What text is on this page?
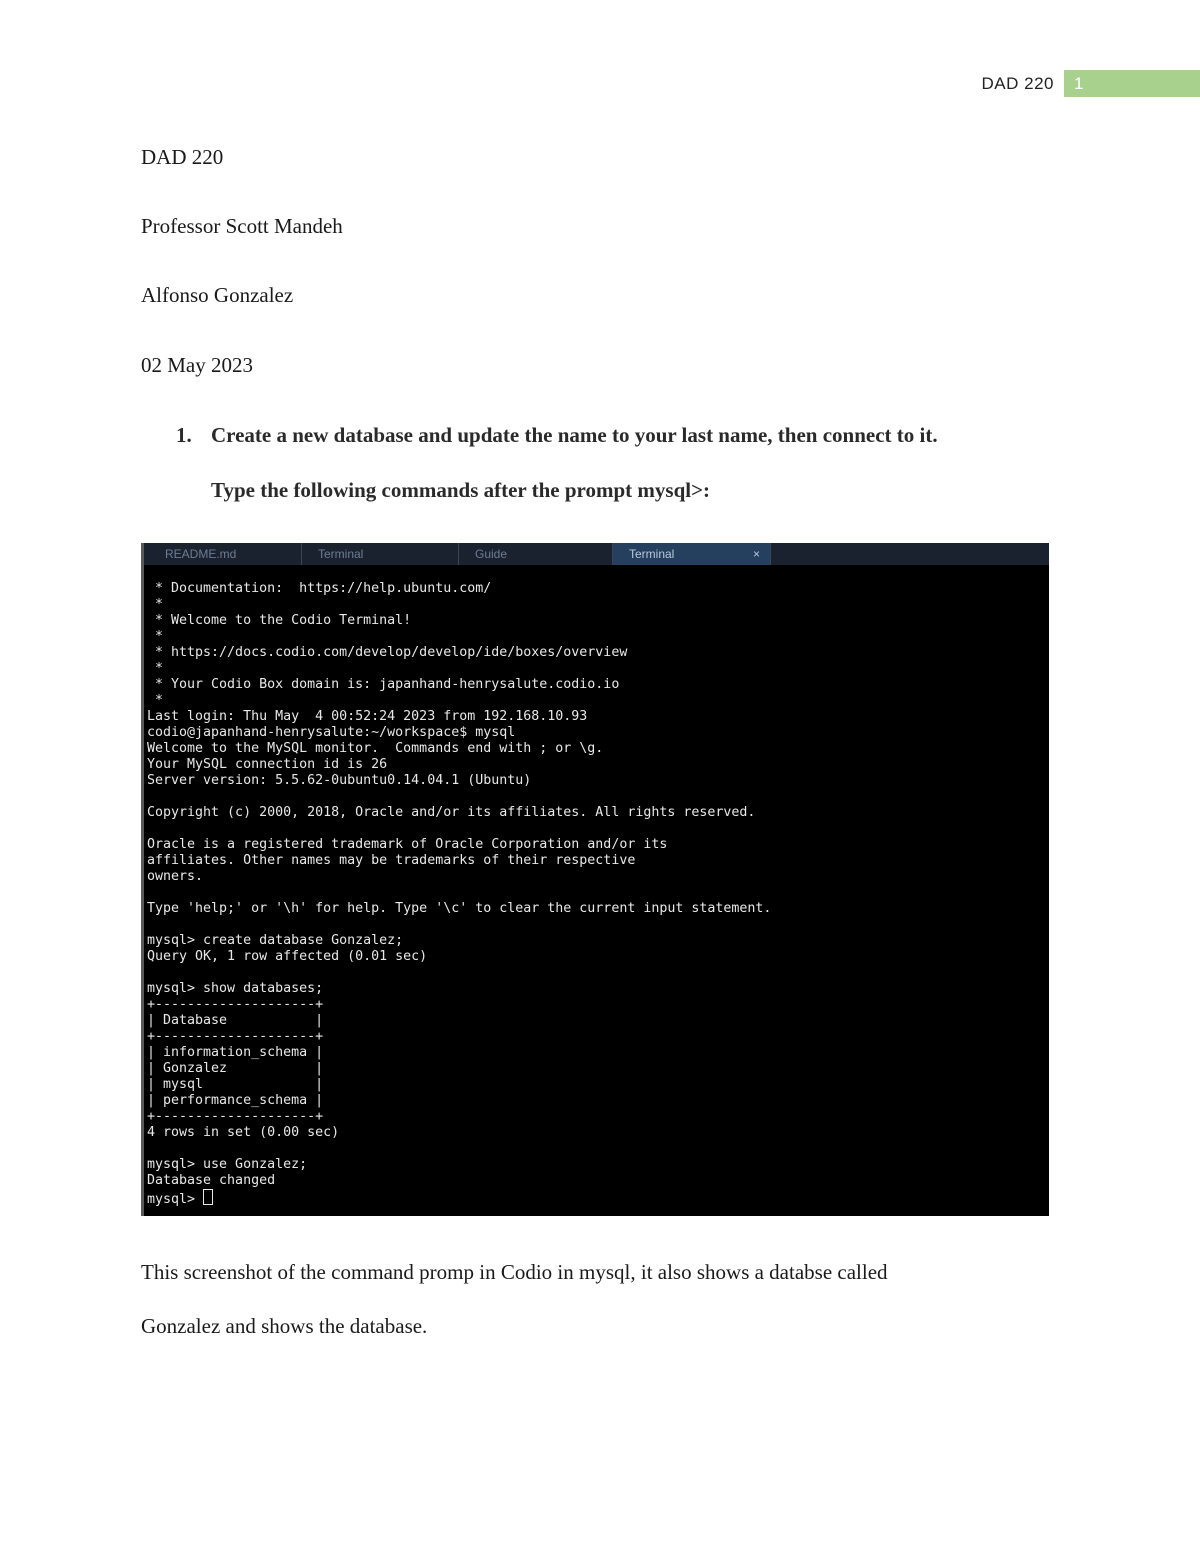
DAD 220 1
DAD 220
Professor Scott Mandeh
Alfonso Gonzalez
02 May 2023
1. Create a new database and update the name to your last name, then connect to it.
Type the following commands after the prompt mysql>:
README.md	Terminal	Guide	Terminal	×
* Documentation:  https://help.ubuntu.com/
*
* Welcome to the Codio Terminal!
*
* https://docs.codio.com/develop/develop/ide/boxes/overview
*
* Your Codio Box domain is: japanhand-henrysalute.codio.io
*
Last login: Thu May  4 00:52:24 2023 from 192.168.10.93
codio@japanhand-henrysalute:~/workspace$ mysql
Welcome to the MySQL monitor.  Commands end with ; or \g.
Your MySQL connection id is 26
Server version: 5.5.62-0ubuntu0.14.04.1 (Ubuntu)
Copyright (c) 2000, 2018, Oracle and/or its affiliates. All rights reserved.
Oracle is a registered trademark of Oracle Corporation and/or its
affiliates. Other names may be trademarks of their respective
owners.
Type 'help;' or '\h' for help. Type '\c' to clear the current input statement.
mysql> create database Gonzalez;
Query OK, 1 row affected (0.01 sec)
mysql> show databases;
+--------------------+
| Database           |
+--------------------+
| information_schema |
| Gonzalez           |
| mysql              |
| performance_schema |
+--------------------+
4 rows in set (0.00 sec)
mysql> use Gonzalez;
Database changed
mysql>
This screenshot of the command promp in Codio in mysql, it also shows a databse called
Gonzalez and shows the database.
